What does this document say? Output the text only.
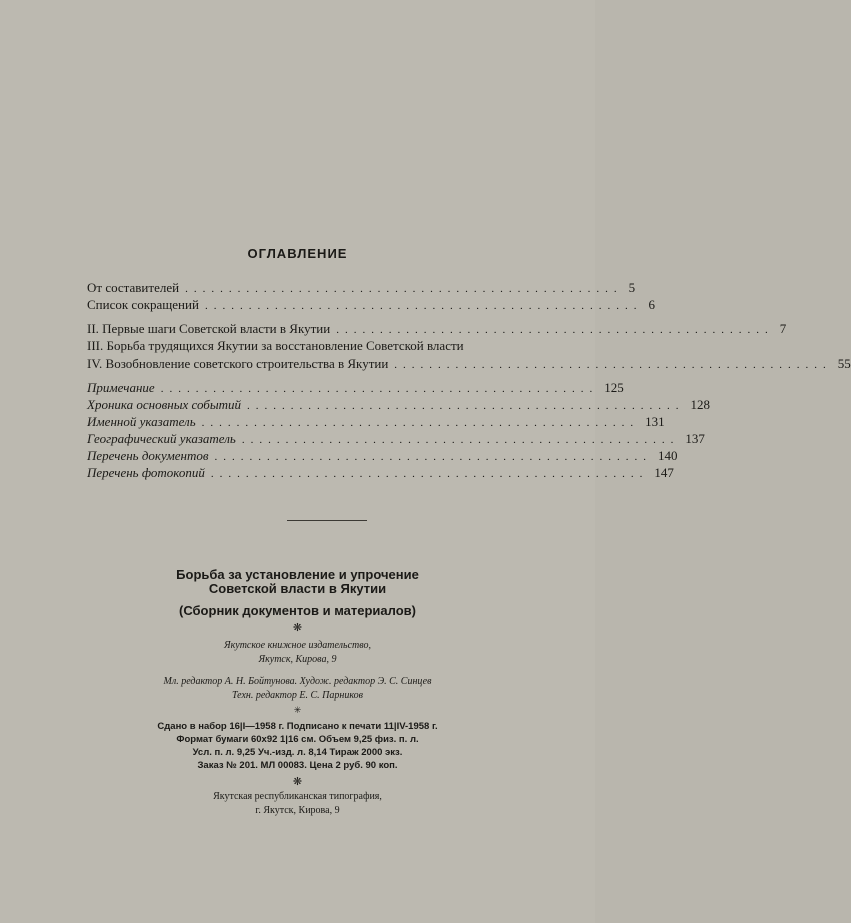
ОГЛАВЛЕНИЕ
От составителей .................................................. 5
Список сокращений .................................................. 6
II. Первые шаги Советской власти в Якутии .................................................. 7
III. Борьба трудящихся Якутии за восстановление Советской власти
IV. Возобновление советского строительства в Якутии .................................................. 55
Примечание .................................................. 125
Хроника основных событий .................................................. 128
Именной указатель .................................................. 131
Географический указатель .................................................. 137
Перечень документов .................................................. 140
Перечень фотокопий .................................................. 147
Борьба за установление и упрочение
Советской власти в Якутии
(Сборник документов и материалов)
❋
Якутское книжное издательство,
Якутск, Кирова, 9
Мл. редактор А. Н. Бойтунова. Худож. редактор Э. С. Синцев
Техн. редактор Е. С. Парников
✳
Сдано в набор 16|I—1958 г. Подписано к печати 11|IV-1958 г.
Формат бумаги 60х92 1|16 см. Объем 9,25 физ. п. л.
Усл. п. л. 9,25 Уч.-изд. л. 8,14 Тираж 2000 экз.
Заказ № 201. МЛ 00083. Цена 2 руб. 90 коп.
❋
Якутская республиканская типография,
г. Якутск, Кирова, 9
